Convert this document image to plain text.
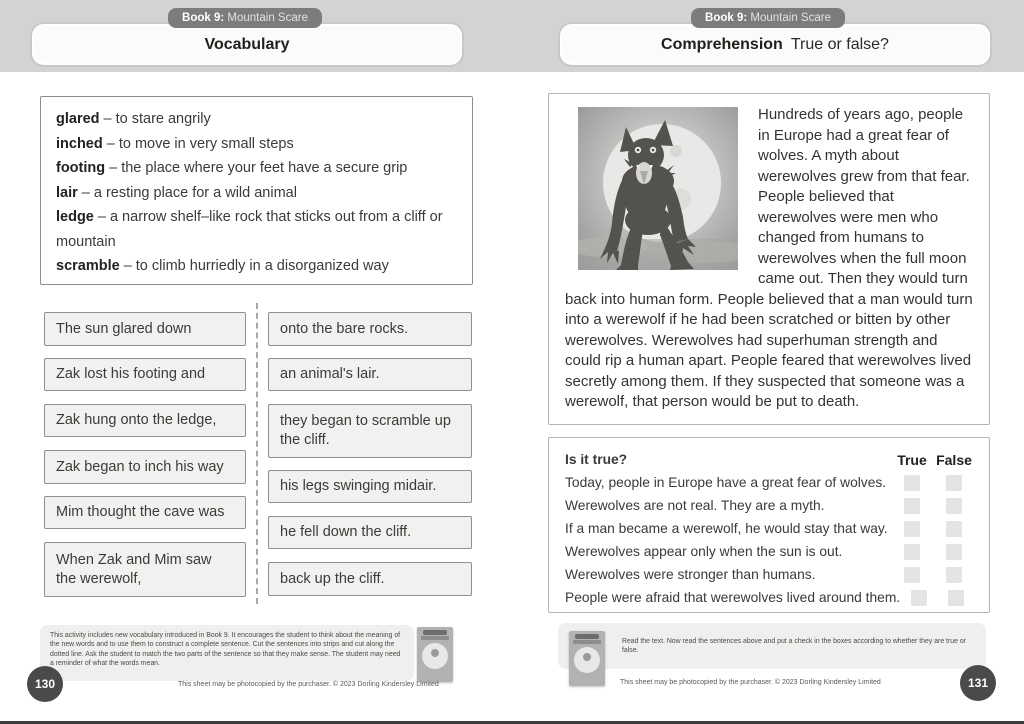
Vocabulary
Book 9: Mountain Scare
Comprehension True or false?
Book 9: Mountain Scare
glared – to stare angrily
inched – to move in very small steps
footing – the place where your feet have a secure grip
lair – a resting place for a wild animal
ledge – a narrow shelf–like rock that sticks out from a cliff or mountain
scramble – to climb hurriedly in a disorganized way
The sun glared down
Zak lost his footing and
Zak hung onto the ledge,
Zak began to inch his way
Mim thought the cave was
When Zak and Mim saw the werewolf,
onto the bare rocks.
an animal's lair.
they began to scramble up the cliff.
his legs swinging midair.
he fell down the cliff.
back up the cliff.
Hundreds of years ago, people in Europe had a great fear of wolves. A myth about werewolves grew from that fear. People believed that werewolves were men who changed from humans to werewolves when the full moon came out. Then they would turn back into human form. People believed that a man would turn into a werewolf if he had been scratched or bitten by other werewolves. Werewolves had superhuman strength and could rip a human apart. People feared that werewolves lived secretly among them. If they suspected that someone was a werewolf, that person would be put to death.
Is it true?	True False
Today, people in Europe have a great fear of wolves.
Werewolves are not real. They are a myth.
If a man became a werewolf, he would stay that way.
Werewolves appear only when the sun is out.
Werewolves were stronger than humans.
People were afraid that werewolves lived around them.
This activity includes new vocabulary introduced in Book 9. It encourages the student to think about the meaning of the new words and to use them to construct a complete sentence. Cut the sentences into strips and cut along the dotted line. Ask the student to match the two parts of the sentence so that they make sense. The student may need a reminder of what the words mean.
This sheet may be photocopied by the purchaser. © 2023 Dorling Kindersley Limited
130
Read the text. Now read the sentences above and put a check in the boxes according to whether they are true or false.
This sheet may be photocopied by the purchaser. © 2023 Dorling Kindersley Limited	131
